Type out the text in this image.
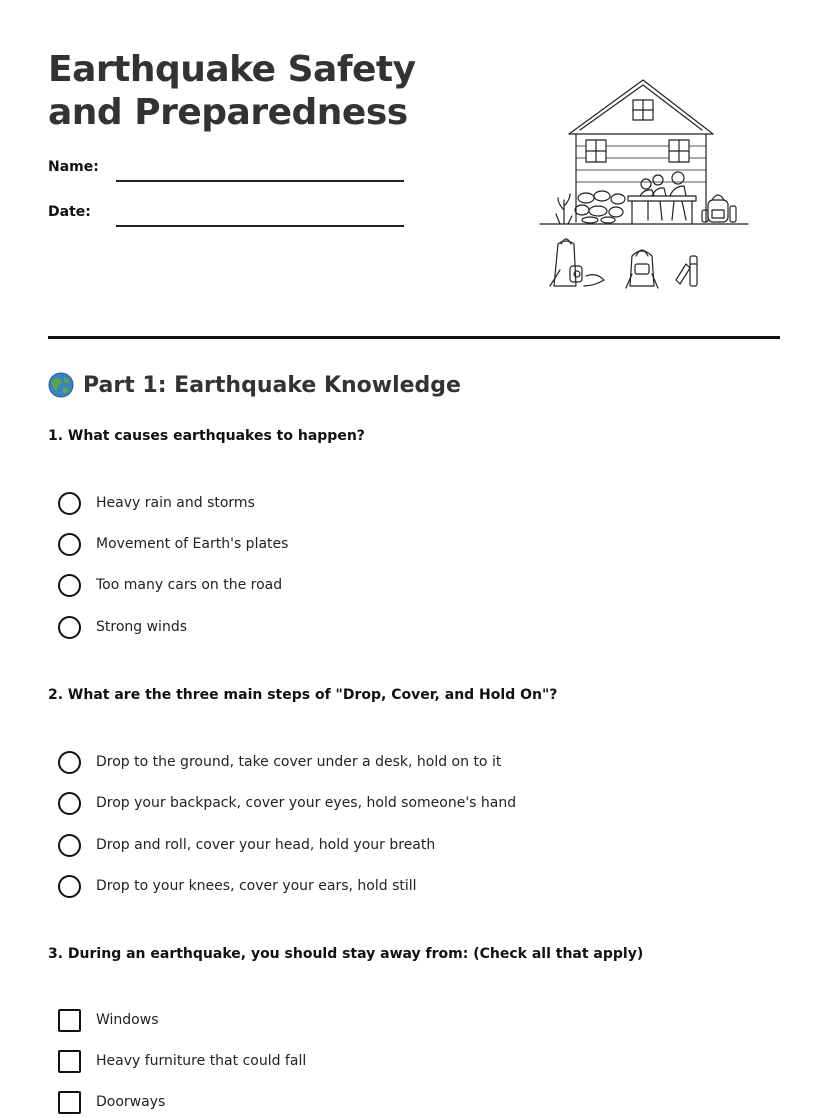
Earthquake Safety and Preparedness
Name:
Date:
Part 1: Earthquake Knowledge
1. What causes earthquakes to happen?
Heavy rain and storms
Movement of Earth's plates
Too many cars on the road
Strong winds
2. What are the three main steps of "Drop, Cover, and Hold On"?
Drop to the ground, take cover under a desk, hold on to it
Drop your backpack, cover your eyes, hold someone's hand
Drop and roll, cover your head, hold your breath
Drop to your knees, cover your ears, hold still
3. During an earthquake, you should stay away from: (Check all that apply)
Windows
Heavy furniture that could fall
Doorways
